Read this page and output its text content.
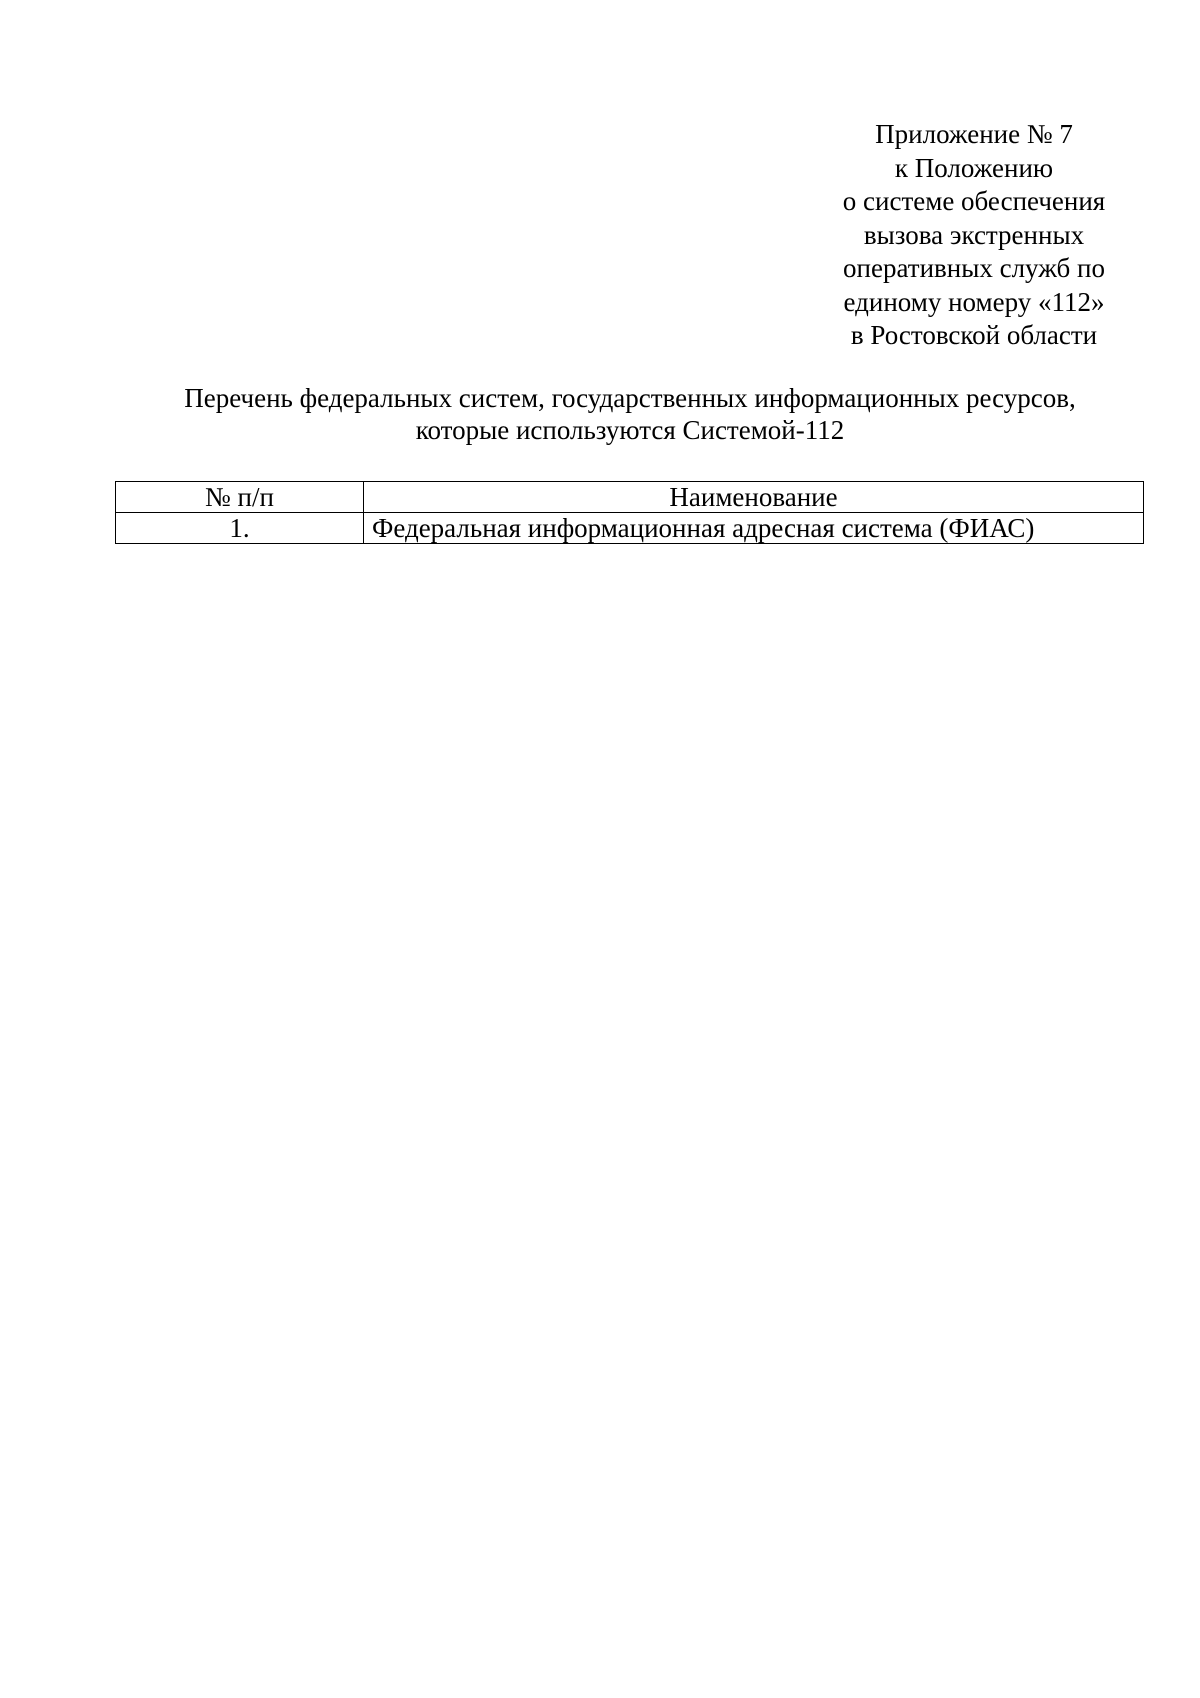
Приложение № 7
к Положению
о системе обеспечения
вызова экстренных
оперативных служб по
единому номеру «112»
в Ростовской области
Перечень федеральных систем, государственных информационных ресурсов,
которые используются Системой-112
№ п/п	Наименование
1.	Федеральная информационная адресная система (ФИАС)
